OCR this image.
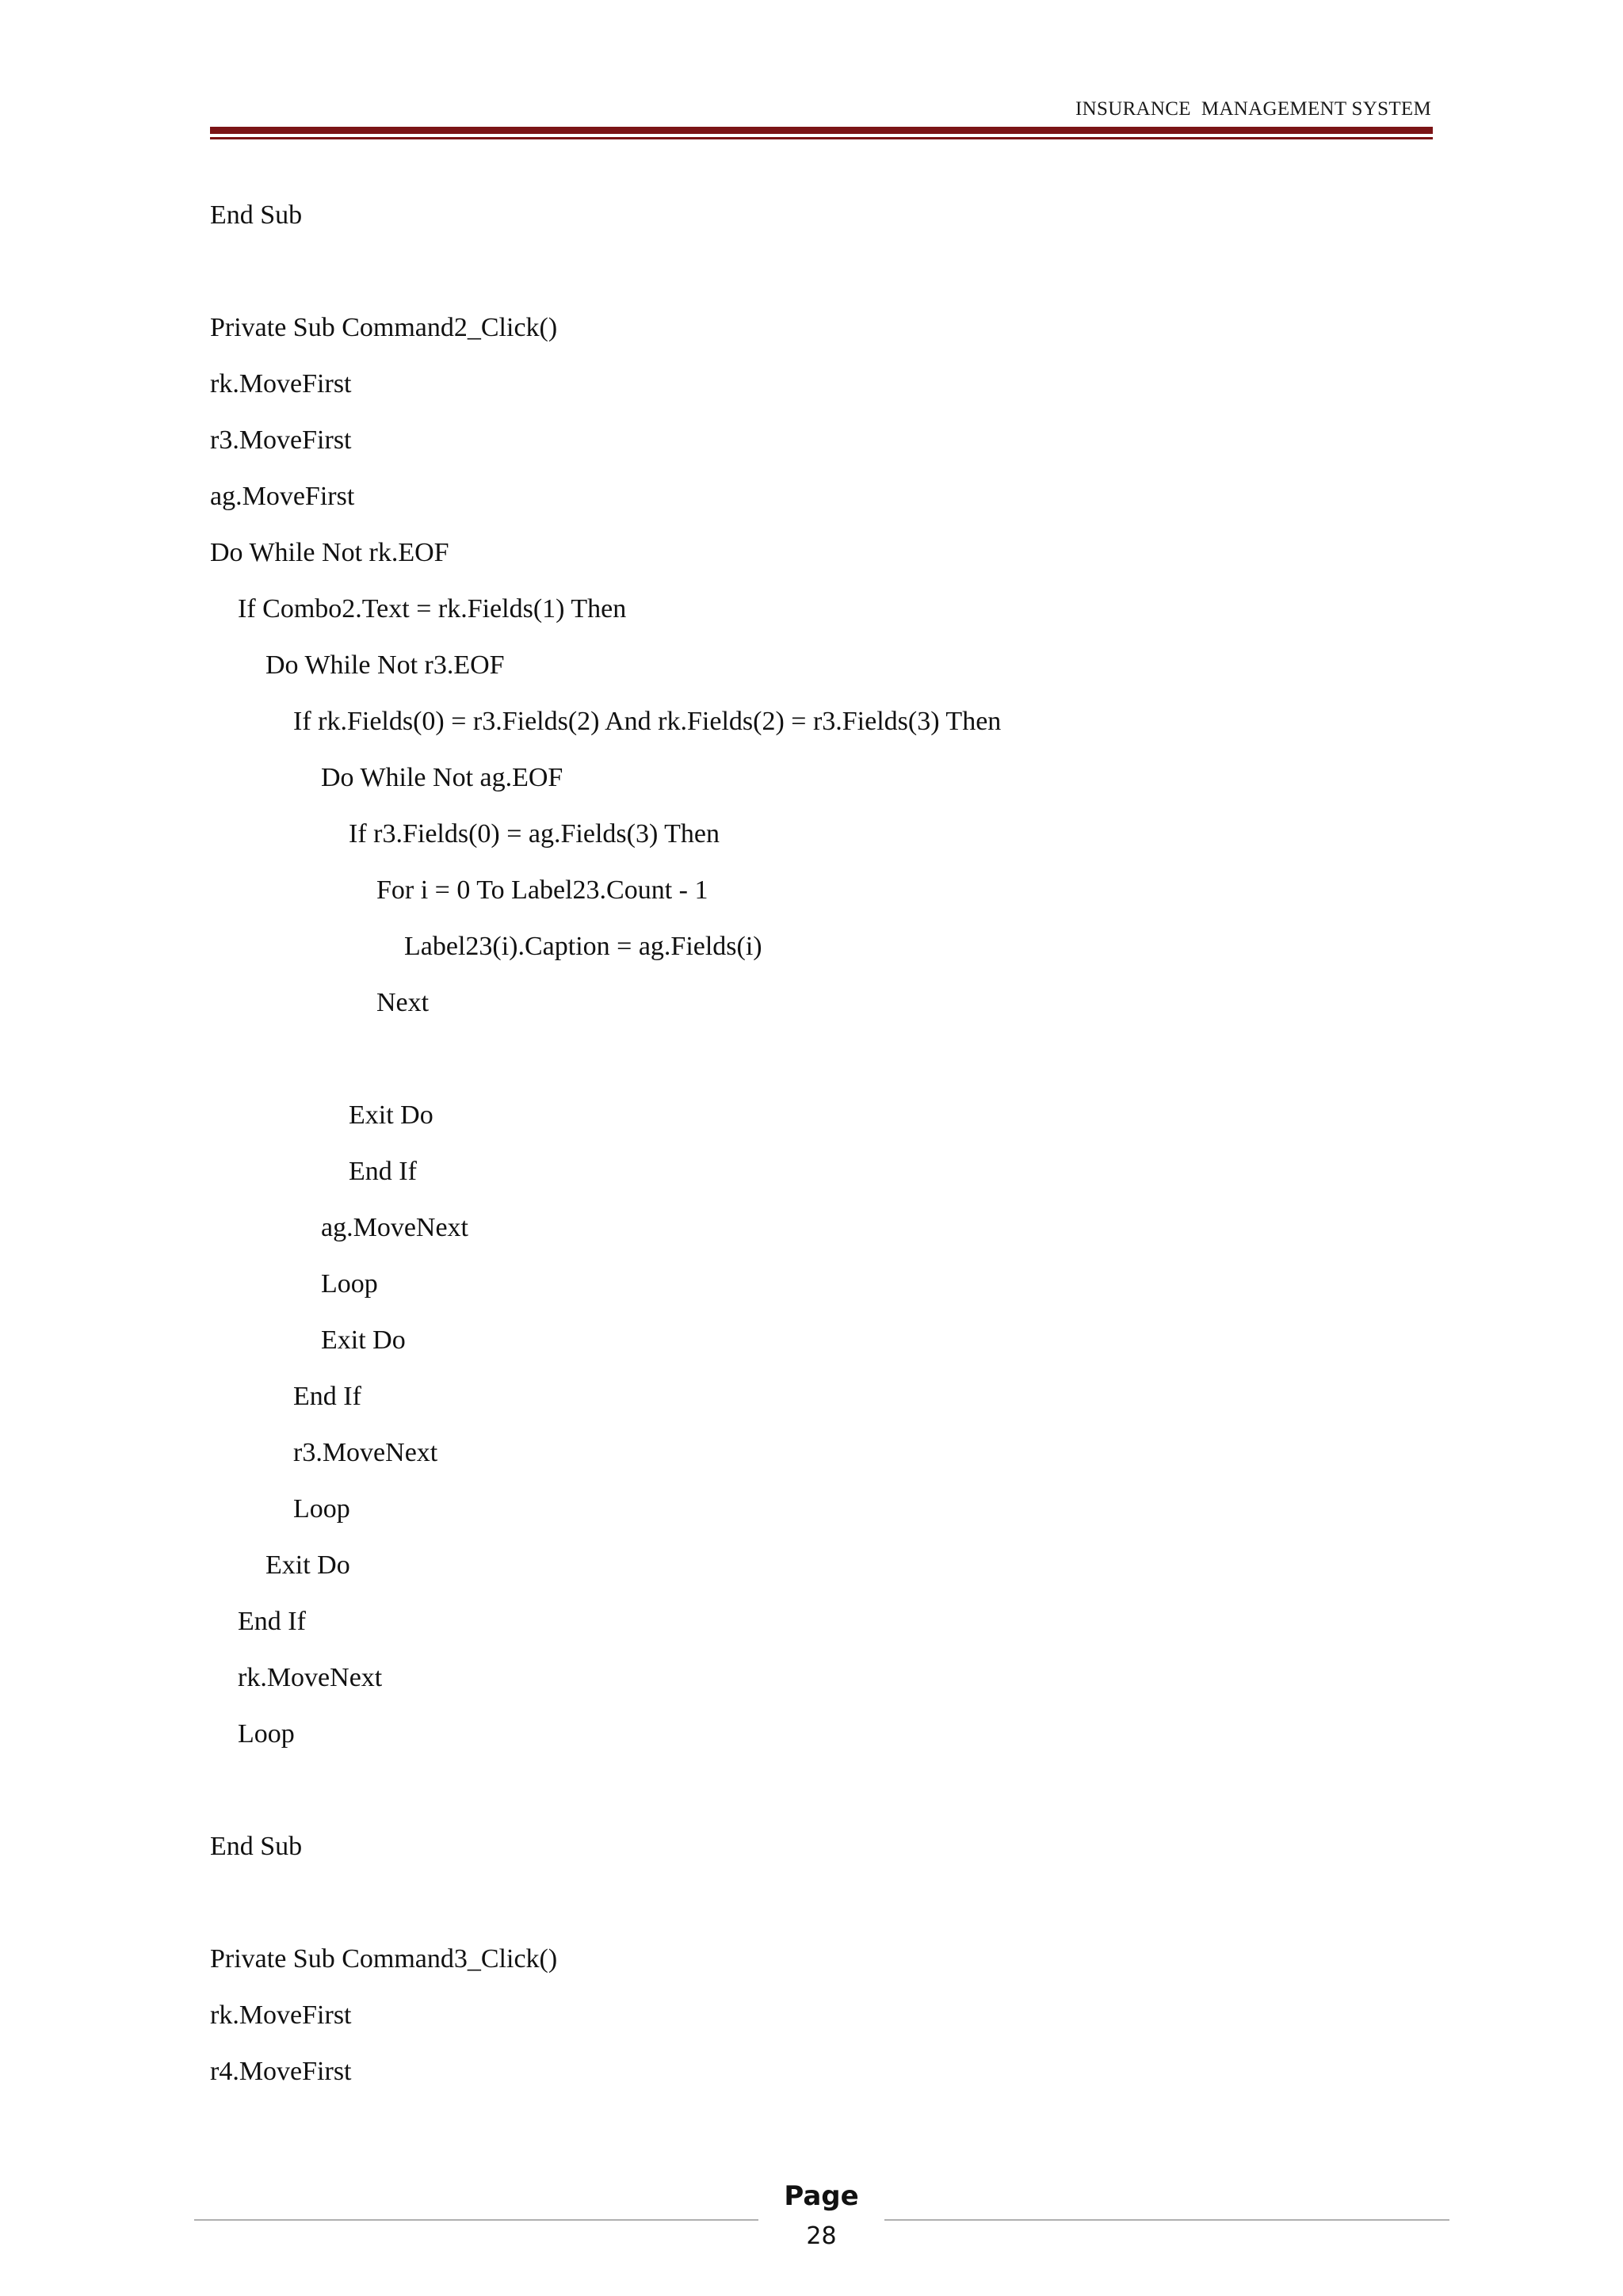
INSURANCE  MANAGEMENT SYSTEM
End Sub
Private Sub Command2_Click()
rk.MoveFirst
r3.MoveFirst
ag.MoveFirst
Do While Not rk.EOF
If Combo2.Text = rk.Fields(1) Then
Do While Not r3.EOF
If rk.Fields(0) = r3.Fields(2) And rk.Fields(2) = r3.Fields(3) Then
Do While Not ag.EOF
If r3.Fields(0) = ag.Fields(3) Then
For i = 0 To Label23.Count - 1
Label23(i).Caption = ag.Fields(i)
Next
Exit Do
End If
ag.MoveNext
Loop
Exit Do
End If
r3.MoveNext
Loop
Exit Do
End If
rk.MoveNext
Loop
End Sub
Private Sub Command3_Click()
rk.MoveFirst
r4.MoveFirst
Page
28
